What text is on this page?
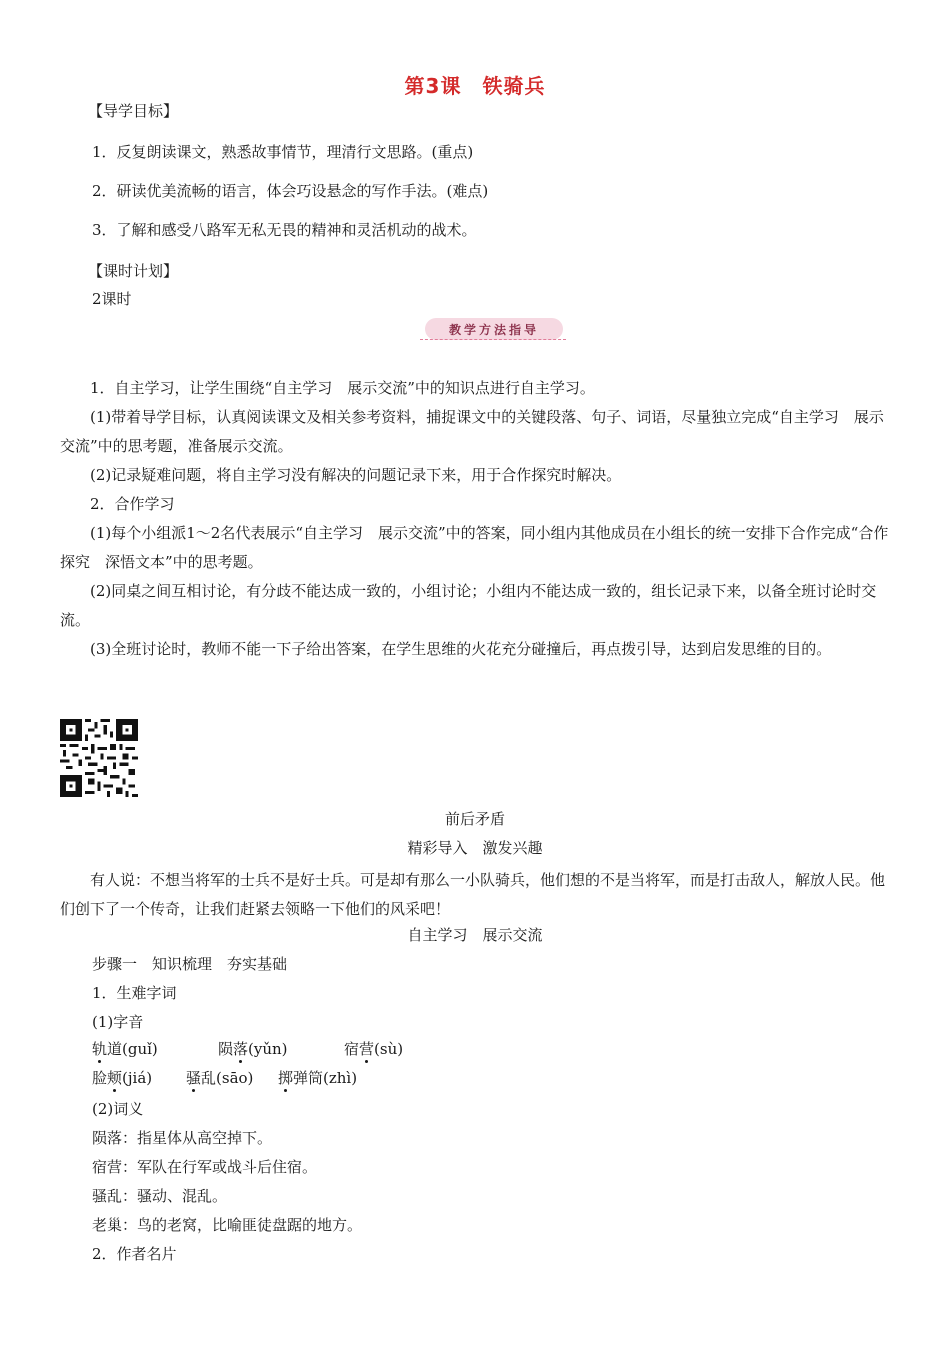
第3课　铁骑兵
【导学目标】
1．反复朗读课文，熟悉故事情节，理清行文思路。(重点)
2．研读优美流畅的语言，体会巧设悬念的写作手法。(难点)
3．了解和感受八路军无私无畏的精神和灵活机动的战术。
【课时计划】
2课时
教学方法指导
1．自主学习，让学生围绕“自主学习　展示交流”中的知识点进行自主学习。
(1)带着导学目标，认真阅读课文及相关参考资料，捕捉课文中的关键段落、句子、词语，尽量独立完成“自主学习　展示交流”中的思考题，准备展示交流。
(2)记录疑难问题，将自主学习没有解决的问题记录下来，用于合作探究时解决。
2．合作学习
(1)每个小组派1～2名代表展示“自主学习　展示交流”中的答案，同小组内其他成员在小组长的统一安排下合作完成“合作探究　深悟文本”中的思考题。
(2)同桌之间互相讨论，有分歧不能达成一致的，小组讨论；小组内不能达成一致的，组长记录下来，以备全班讨论时交流。
(3)全班讨论时，教师不能一下子给出答案，在学生思维的火花充分碰撞后，再点拨引导，达到启发思维的目的。
前后矛盾
精彩导入　激发兴趣
有人说：不想当将军的士兵不是好士兵。可是却有那么一小队骑兵，他们想的不是当将军，而是打击敌人，解放人民。他们创下了一个传奇，让我们赶紧去领略一下他们的风采吧！
自主学习　展示交流
步骤一　知识梳理　夯实基础
1．生难字词
(1)字音
轨道(guǐ)	陨落(yǔn)	宿营(sù)
脸颊(jiá) 骚乱(sāo) 掷弹筒(zhì)
(2)词义
陨落：指星体从高空掉下。
宿营：军队在行军或战斗后住宿。
骚乱：骚动、混乱。
老巢：鸟的老窝，比喻匪徒盘踞的地方。
2．作者名片
